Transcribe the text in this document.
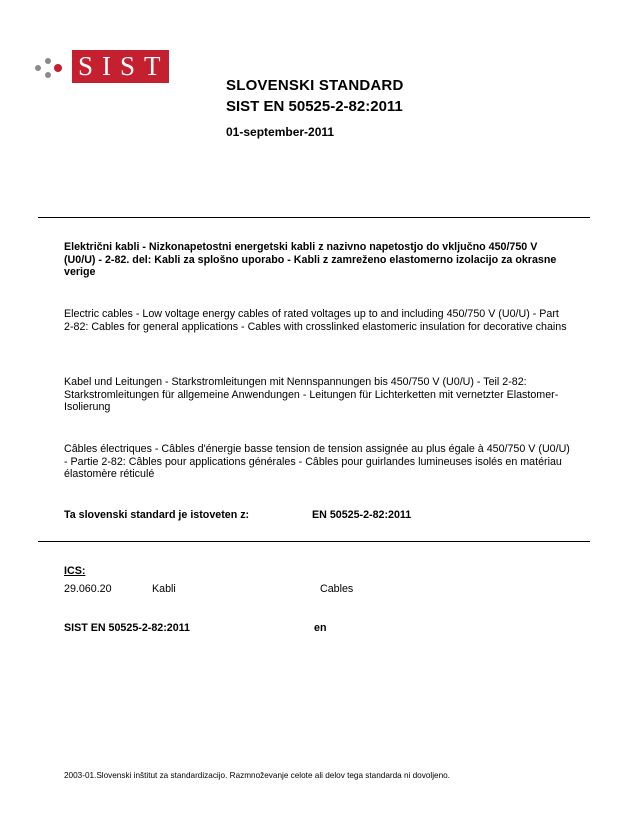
SIST
SLOVENSKI STANDARD
SIST EN 50525-2-82:2011
01-september-2011
Električni kabli - Nizkonapetostni energetski kabli z nazivno napetostjo do vključno 450/750 V (U0/U) - 2-82. del: Kabli za splošno uporabo - Kabli z zamreženo elastomerno izolacijo za okrasne verige
Electric cables - Low voltage energy cables of rated voltages up to and including 450/750 V (U0/U) - Part 2-82: Cables for general applications - Cables with crosslinked elastomeric insulation for decorative chains
Kabel und Leitungen - Starkstromleitungen mit Nennspannungen bis 450/750 V (U0/U) - Teil 2-82: Starkstromleitungen für allgemeine Anwendungen - Leitungen für Lichterketten mit vernetzter Elastomer-Isolierung
Câbles électriques - Câbles d'énergie basse tension de tension assignée au plus égale à 450/750 V (U0/U) - Partie 2-82: Câbles pour applications générales - Câbles pour guirlandes lumineuses isolés en matériau élastomère réticulé
Ta slovenski standard je istoveten z:	EN 50525-2-82:2011
ICS:
29.060.20	Kabli	Cables
SIST EN 50525-2-82:2011	en
2003-01.Slovenski inštitut za standardizacijo. Razmnoževanje celote ali delov tega standarda ni dovoljeno.
